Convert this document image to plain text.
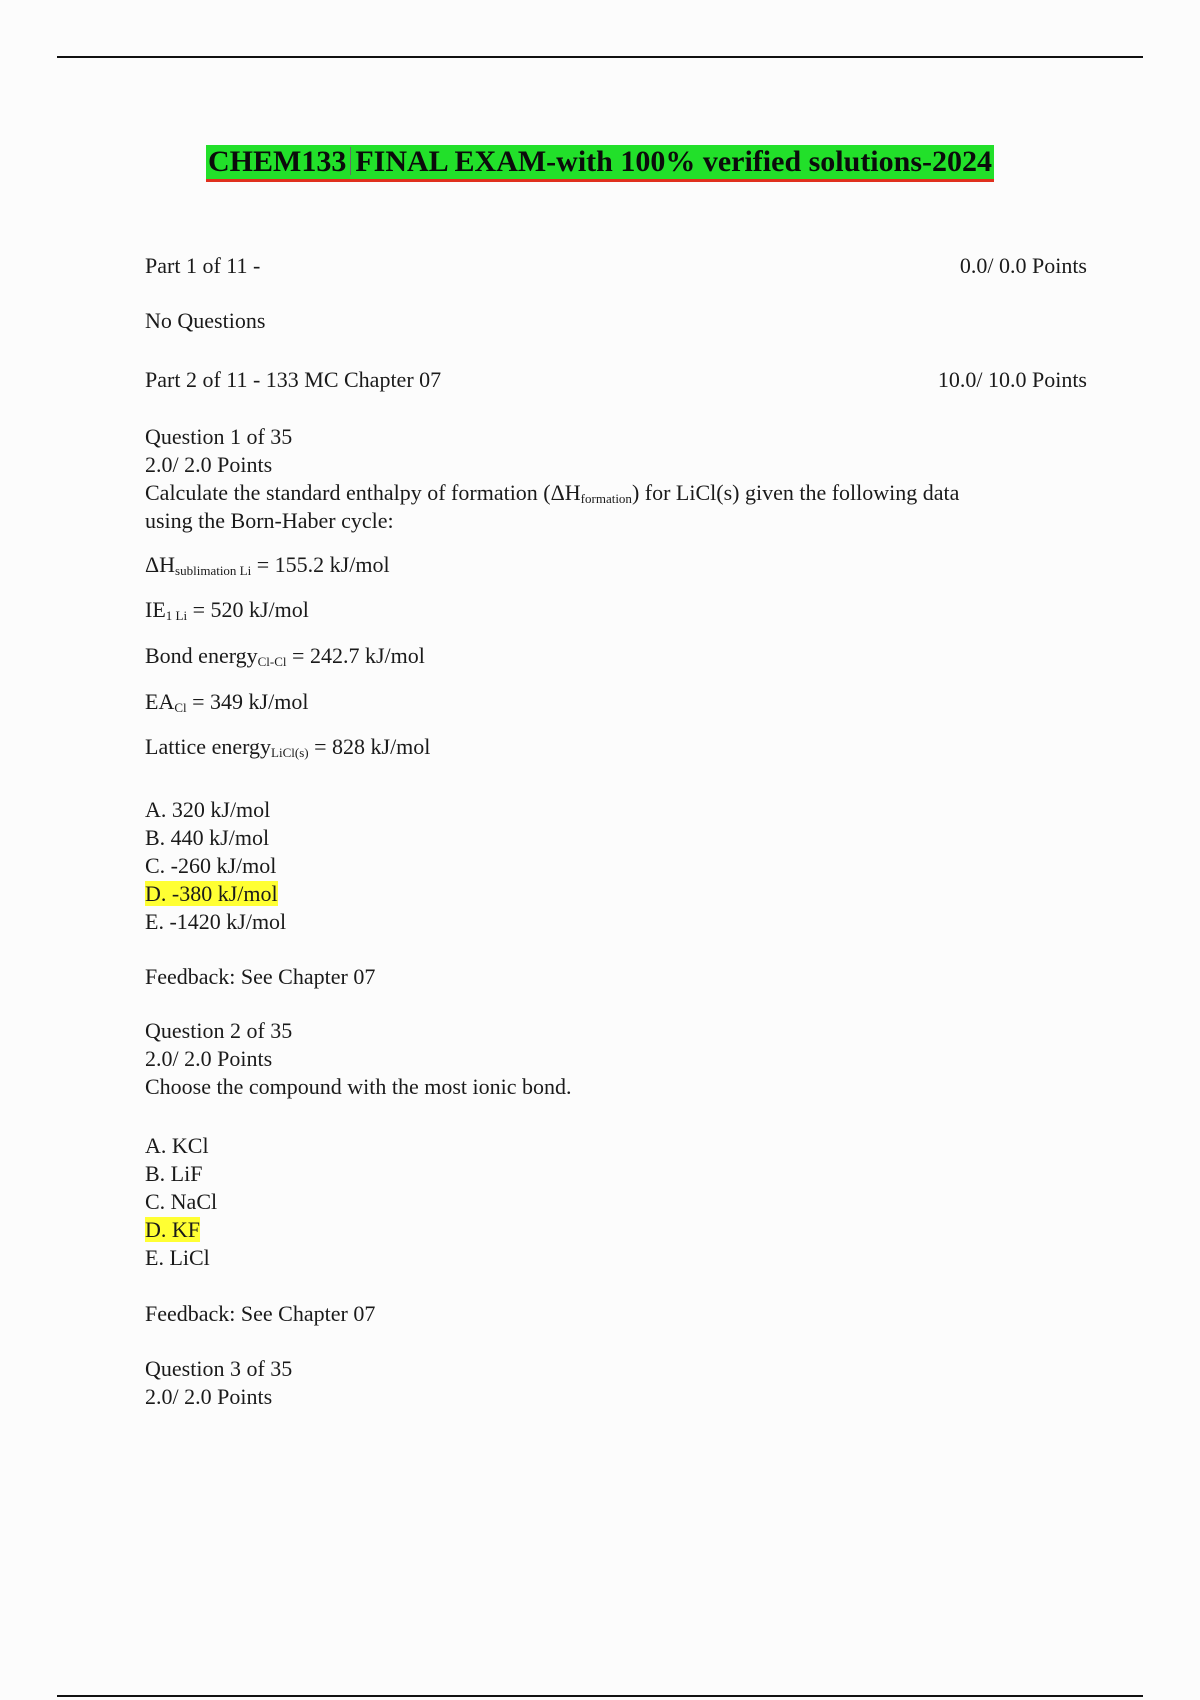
CHEM133 FINAL EXAM-with 100% verified solutions-2024
Part 1 of 11 -	0.0/ 0.0 Points
No Questions
Part 2 of 11 - 133 MC Chapter 07	10.0/ 10.0 Points
Question 1 of 35
2.0/ 2.0 Points
Calculate the standard enthalpy of formation $(\Delta H_{formation})$ for LiCl(s) given the following data
using the Born-Haber cycle:
$\Delta H_{sublimation Li} = 155.2$ kJ/mol
$IE_{1 Li} = 520$ kJ/mol
Bond energy$_{Cl-Cl}$ = 242.7 kJ/mol
$EA_{Cl} = 349$ kJ/mol
Lattice energy$_{LiCl(s)}$ = 828 kJ/mol
A. 320 kJ/mol
B. 440 kJ/mol
C. -260 kJ/mol
D. -380 kJ/mol
E. -1420 kJ/mol
Feedback: See Chapter 07
Question 2 of 35
2.0/ 2.0 Points
Choose the compound with the most ionic bond.
A. KCl
B. LiF
C. NaCl
D. KF
E. LiCl
Feedback: See Chapter 07
Question 3 of 35
2.0/ 2.0 Points
